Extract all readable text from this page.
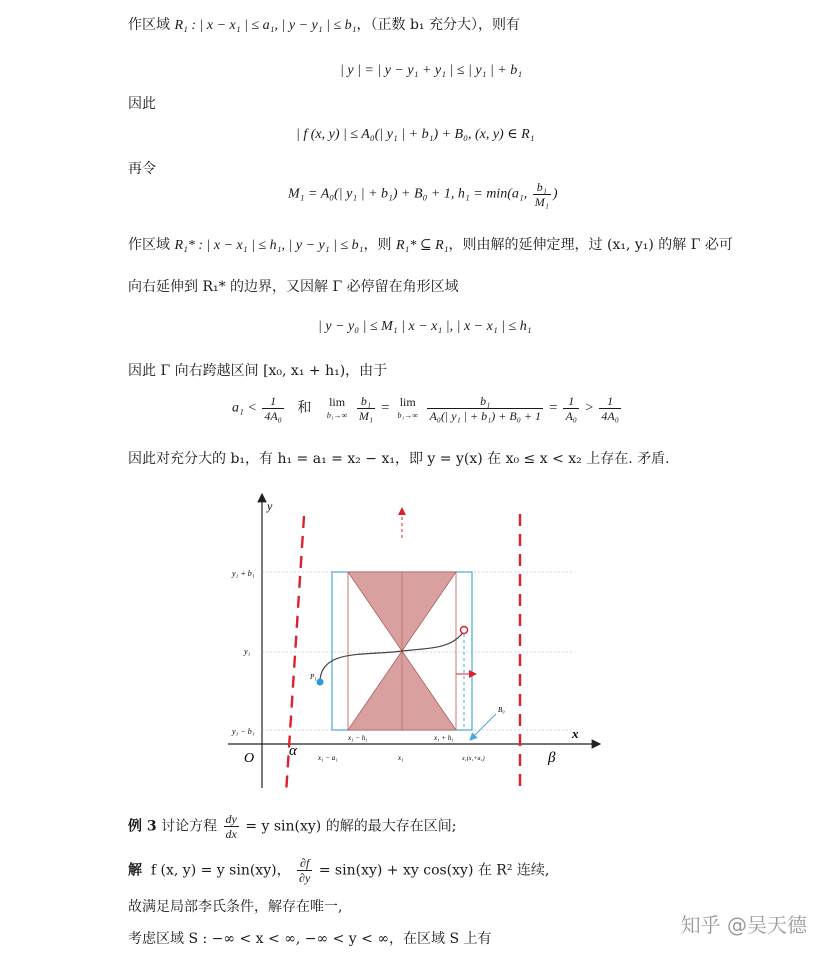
作区域 R₁ : | x − x₁ | ≤ a₁, | y − y₁ | ≤ b₁，（正数 b₁ 充分大），则有
| y | = | y − y₁ + y₁ | ≤ | y₁ | + b₁
因此
| f (x, y) | ≤ A₀(| y₁ | + b₁) + B₀, (x, y) ∈ R₁
再令
M₁ = A₀(| y₁ | + b₁) + B₀ + 1, h₁ = min(a₁, $\frac{\text{b₁}}{\text{M₁}}$ )
作区域 R₁* : | x − x₁ | ≤ h₁, | y − y₁ | ≤ b₁，则 R₁* ⊆ R₁，则由解的延伸定理，过 (x₁, y₁) 的解 Γ 必可
向右延伸到 R₁* 的边界，又因解 Γ 必停留在角形区域
| y − y₀ | ≤ M₁ | x − x₁ |, | x − x₁ | ≤ h₁
因此 Γ 向右跨越区间 [x₀, x₁ + h₁)，由于
$a_1 < \frac{1}{\text{4A₀}}$ 和	lim
b₁→∞
$\frac{\text{b₁}}{\text{M₁}} = \lim$
b₁→∞
$\frac{\text{b₁}}{\text{A₀(| y₁ | + b₁) + B₀ + 1}} = \frac{1}{\text{A₀}} > \frac{1}{\text{4A₀}}$
因此对充分大的 b₁，有 h₁ = a₁ = x₂ − x₁，即 y = y(x) 在 x₀ ≤ x < x₂ 上存在. 矛盾.
y
x
O α	β
y₁ + b₁
y₁
y₁ − b₁
x₁ − a₁
x₁ − h₁
x₁
x₁ + h₁
x₁(x₁+a₁)
P₁
B₀
例 3 讨论方程 $\frac{dy}{dx} = y$ sin(xy) 的解的最大存在区间;
解 f (x, y) = y sin(xy)， $\frac{\partial f}{\partial y} = \sin(xy)$ + xy cos(xy) 在 R² 连续,
故满足局部李氏条件，解存在唯一,
考虑区域 S : −∞ < x < ∞, −∞ < y < ∞，在区域 S 上有
知乎 @吴天德
